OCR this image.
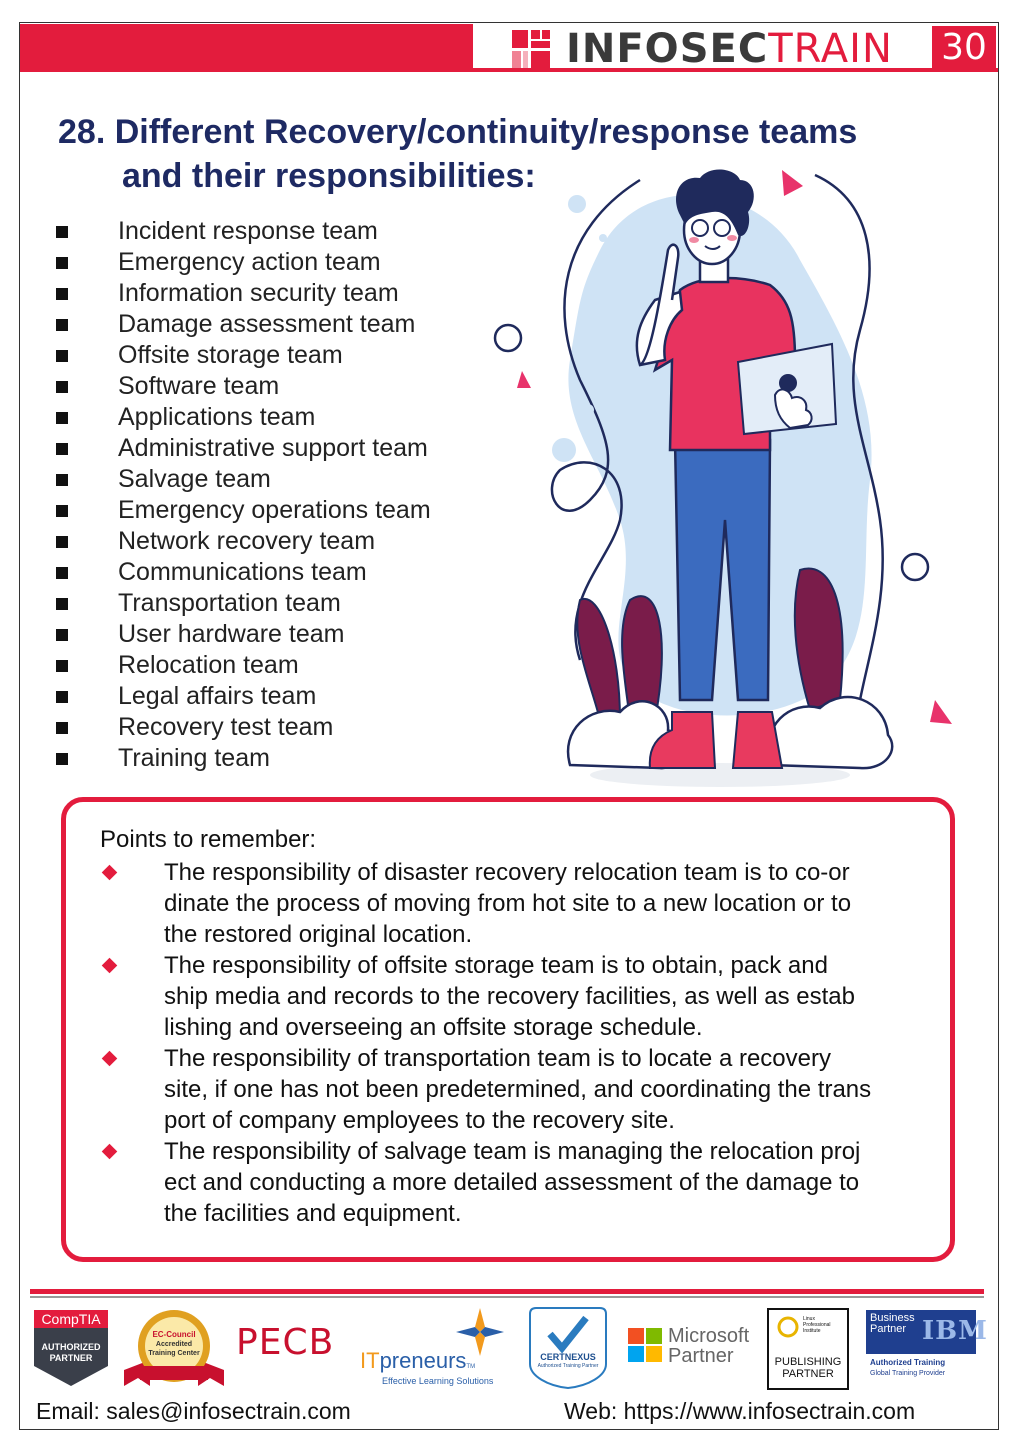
INFOSECTRAIN 30
28. Different Recovery/continuity/response teams
and their responsibilities:
Incident response team
Emergency action team
Information security team
Damage assessment team
Offsite storage team
Software team
Applications team
Administrative support team
Salvage team
Emergency operations team
Network recovery team
Communications team
Transportation team
User hardware team
Relocation team
Legal affairs team
Recovery test team
Training team
Points to remember:
The responsibility of disaster recovery relocation team is to co-or
dinate the process of moving from hot site to a new location or to
the restored original location.
The responsibility of offsite storage team is to obtain, pack and
ship media and records to the recovery facilities, as well as estab
lishing and overseeing an offsite storage schedule.
The responsibility of transportation team is to locate a recovery
site, if one has not been predetermined, and coordinating the trans
port of company employees to the recovery site.
The responsibility of salvage team is managing the relocation proj
ect and conducting a more detailed assessment of the damage to
the facilities and equipment.
CompTIA
AUTHORIZED
PARTNER
EC-Council
Accredited
Training Center	PECB ITpreneursTM
Effective Learning Solutions
CERTNEXUS
Authorized Training Partner
Microsoft
Partner
Linux
Professional
Institute
PUBLISHING
PARTNER
Business
Partner IBM
Authorized Training
Global Training Provider
Email: sales@infosectrain.com	Web: https://www.infosectrain.com
